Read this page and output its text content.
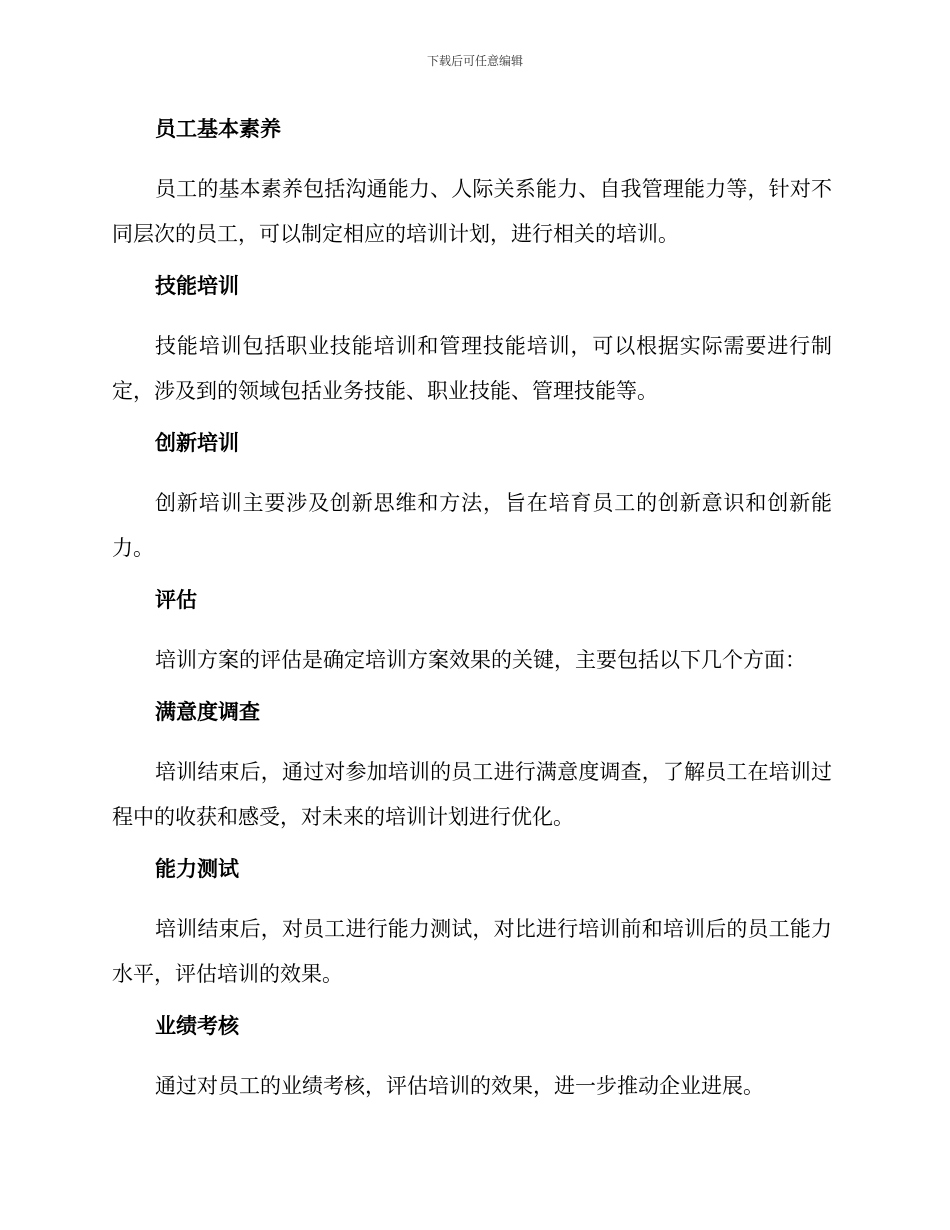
下载后可任意编辑
员工基本素养

员工的基本素养包括沟通能力、人际关系能力、自我管理能力等，针对不同层次的员工，可以制定相应的培训计划，进行相关的培训。

技能培训

技能培训包括职业技能培训和管理技能培训，可以根据实际需要进行制定，涉及到的领域包括业务技能、职业技能、管理技能等。

创新培训

创新培训主要涉及创新思维和方法，旨在培育员工的创新意识和创新能力。

评估

培训方案的评估是确定培训方案效果的关键，主要包括以下几个方面：

满意度调查

培训结束后，通过对参加培训的员工进行满意度调查，了解员工在培训过程中的收获和感受，对未来的培训计划进行优化。

能力测试

培训结束后，对员工进行能力测试，对比进行培训前和培训后的员工能力水平，评估培训的效果。

业绩考核

通过对员工的业绩考核，评估培训的效果，进一步推动企业进展。
